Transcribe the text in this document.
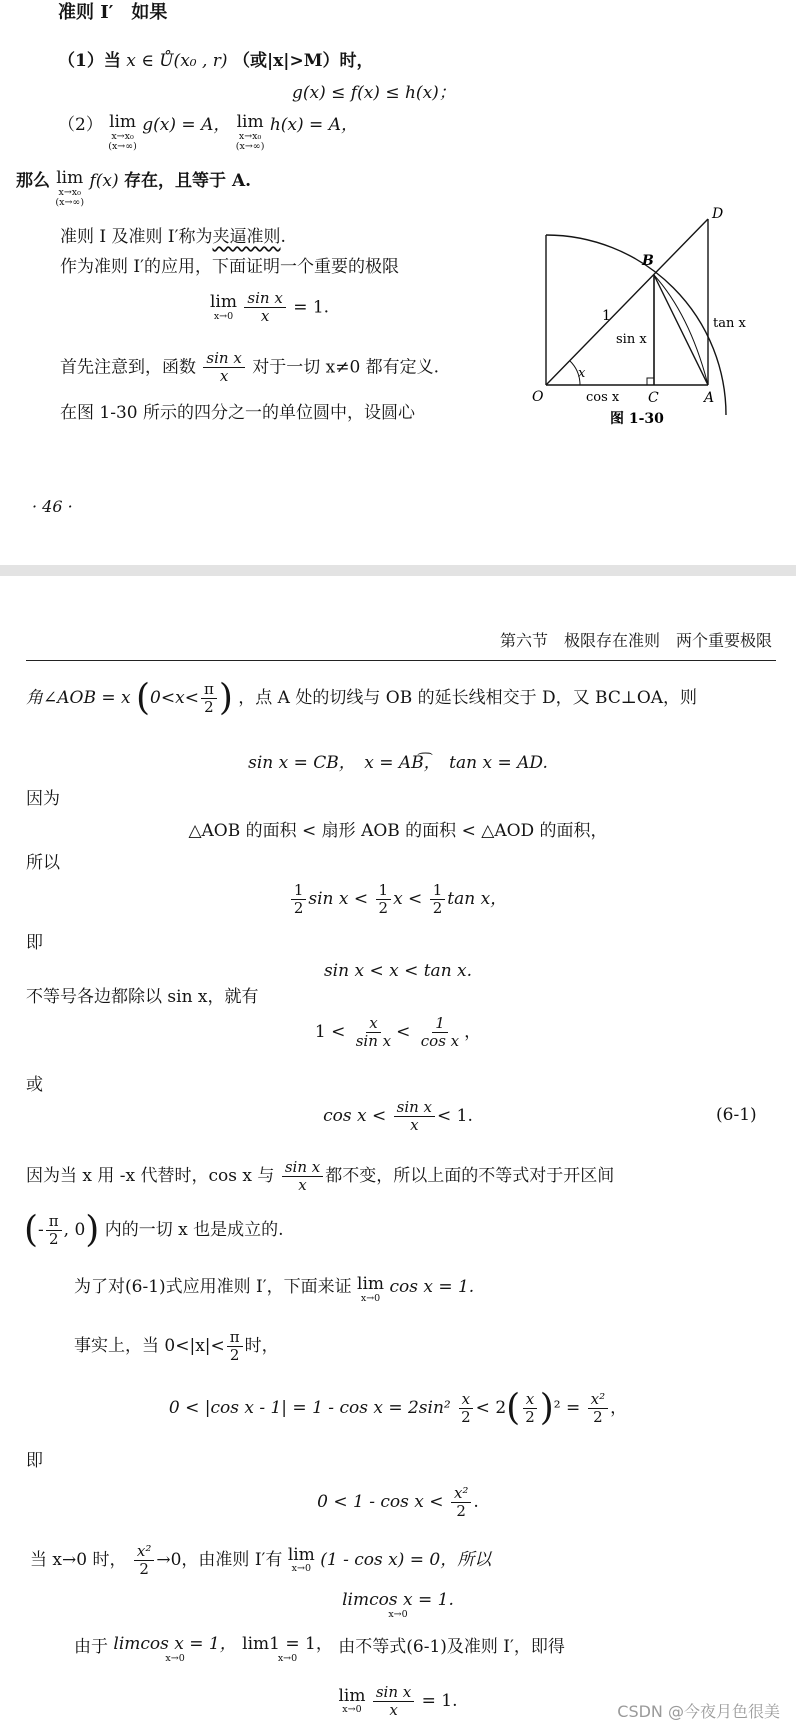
准则 Ⅰ′　如果
（1）当 x ∈ Ů(x₀ , r) （或|x|>M）时，
g(x) ≤ f(x) ≤ h(x)；
（2） lim
x→x₀
(x→∞)
g(x) = A， lim
x→x₀
(x→∞)
h(x) = A，
那么 lim
x→x₀
(x→∞)
f(x) 存在，且等于 A.
准则 Ⅰ 及准则 Ⅰ′称为夹逼准则.
作为准则 Ⅰ′的应用，下面证明一个重要的极限
lim
x→0
$\frac{\text{sin x}}{x} = 1$.
首先注意到，函数 $\frac{\text{sin x}}{x}$ 对于一切 x≠0 都有定义.
在图 1-30 所示的四分之一的单位圆中，设圆心
D
B
1
sin x
tan x
x
O	cos x C	A
图 1-30
· 46 ·
第六节　极限存在准则　两个重要极限
角∠AOB = x ($0<x< \frac{\pi}{2}$ ) ，点 A 处的切线与 OB 的延长线相交于 D，又 BC⊥OA，则
sin x = CB，　x = AB͡，　tan x = AD.
因为
△AOB 的面积 < 扇形 AOB 的面积 < △AOD 的面积，
所以
$\frac{1}{2}$ $\sin x < \frac{1}{2}$ $x < \frac{1}{2}$ tan x，
即
sin x < x < tan x.
不等号各边都除以 sin x，就有
$1 < \frac{x}{\text{sin x}} < \frac{1}{\text{cos x}}$ ，
或
$\cos x < \frac{\text{sin x}}{x} < 1$.	(6-1)
因为当 x 用 -x 代替时，cos x 与 $\frac{\text{sin x}}{x}$ 都不变，所以上面的不等式对于开区间
(- $\frac{\pi}{2}$ , 0) 内的一切 x 也是成立的.
为了对(6-1)式应用准则 Ⅰ′，下面来证 lim
x→0
cos x = 1.
事实上，当 $0<|x|< \frac{\pi}{2}$ 时，
0 < |cos $x - 1| = 1 - \cos x = 2\sin^2 \frac{x}{2} < 2( \frac{x}{2} )^2 = \frac{\text{x²}}{2}$ ，
即
$0 < 1 - \cos x < \frac{\text{x²}}{2}$ .
当 x→0 时， $\frac{\text{x²}}{2} \to 0$，由准则 Ⅰ′有 lim
x→0 (1 - cos x) = 0，所以
limcos x = 1.
x→0
由于 limcos x = 1，
x→0

lim1 = 1，
x→0
由不等式(6-1)及准则 Ⅰ′，即得
lim
x→0
$\frac{\text{sin x}}{x} = 1$.
CSDN @今夜月色很美
